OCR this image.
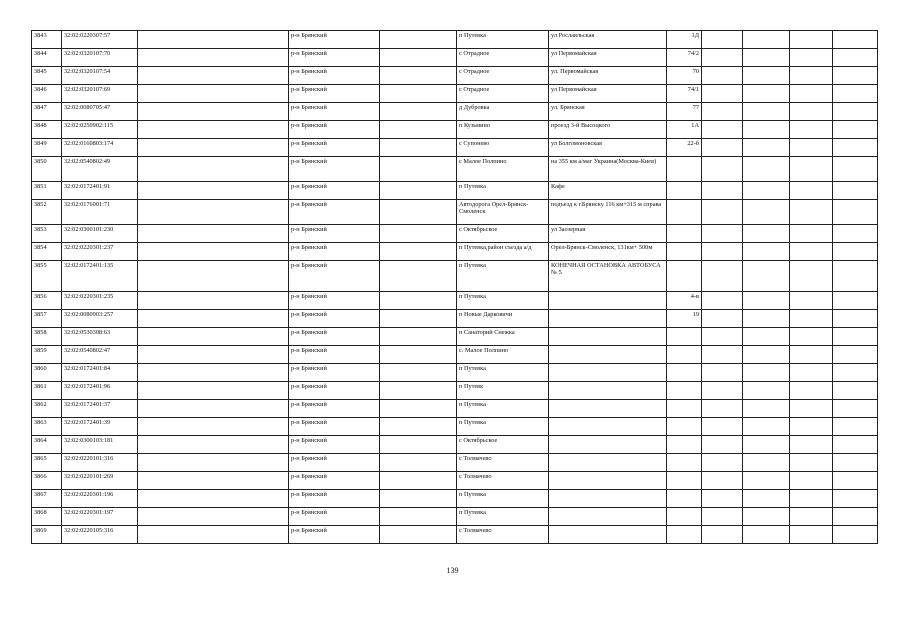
3843	32:02:0220307:57		р-н Брянский		п Путевка	ул Рославльская	1Д				
3844	32:02:0320107:70		р-н Брянский		с Отрадное	ул Первомайская	74/2				
3845	32:02:0320107:54		р-н Брянский		с Отрадное	ул. Первомайская	70				
3846	32:02:0320107:69		р-н Брянский		с Отрадное	ул Первомайская	74/1				
3847	32:02:0080705:47		р-н Брянский		д Дубровка	ул. Брянская	77				
3848	32:02:0250902:115		р-н Брянский		п Кузьмино	проезд 3-й Высоцкого	1А				
3849	32:02:0160803:174		р-н Брянский		с Супонево	ул Болгомоновская	22-б				
3850	32:02:0540802:49		р-н Брянский		с Малое Полпино	на 355 км а/маг Украина(Москва-Киев)					
3851	32:02:0172401:91		р-н Брянский		п Путевка	Кафе					
3852	32:02:0176001:71		р-н Брянский		Автодорога Орел-Брянск-Смоленск	подъезд к г.Брянску 116 км+315 м справа					
3853	32:02:0300101:230		р-н Брянский		с Октябрьское	ул Заозерная					
3854	32:02:0220301:237		р-н Брянский		п Путевка,район съезда а/д	Орел-Брянск-Смоленск, 131км+ 500м					
3855	32:02:0172401:135		р-н Брянский		п Путевка	КОНЕЧНАЯ ОСТАНОВКА АВТОБУСА № 5					
3856	32:02:0220301:235		р-н Брянский		п Путевка		4-в				
3857	32:02:0080903:257		р-н Брянский		п Новые Дарковичи		19				
3858	32:02:0530308:63		р-н Брянский		п Санаторий Снежка						
3859	32:02:0540802:47		р-н Брянский		с. Малое Полпино						
3860	32:02:0172401:84		р-н Брянский		п Путевка						
3861	32:02:0172401:96		р-н Брянский		п Путевк						
3862	32:02:0172401:37		р-н Брянский		п Путевка						
3863	32:02:0172401:39		р-н Брянский		п Путевка						
3864	32:02:0300103:181		р-н Брянский		с Октябрьское						
3865	32:02:0220101:316		р-н Брянский		с Толмачево						
3866	32:02:0220101:269		р-н Брянский		с Толмачево						
3867	32:02:0220301:196		р-н Брянский		п Путевка						
3868	32:02:0220301:197		р-н Брянский		п Путевка						
3869	32:02:0220105:316		р-н Брянский		с Толмачево						
139
